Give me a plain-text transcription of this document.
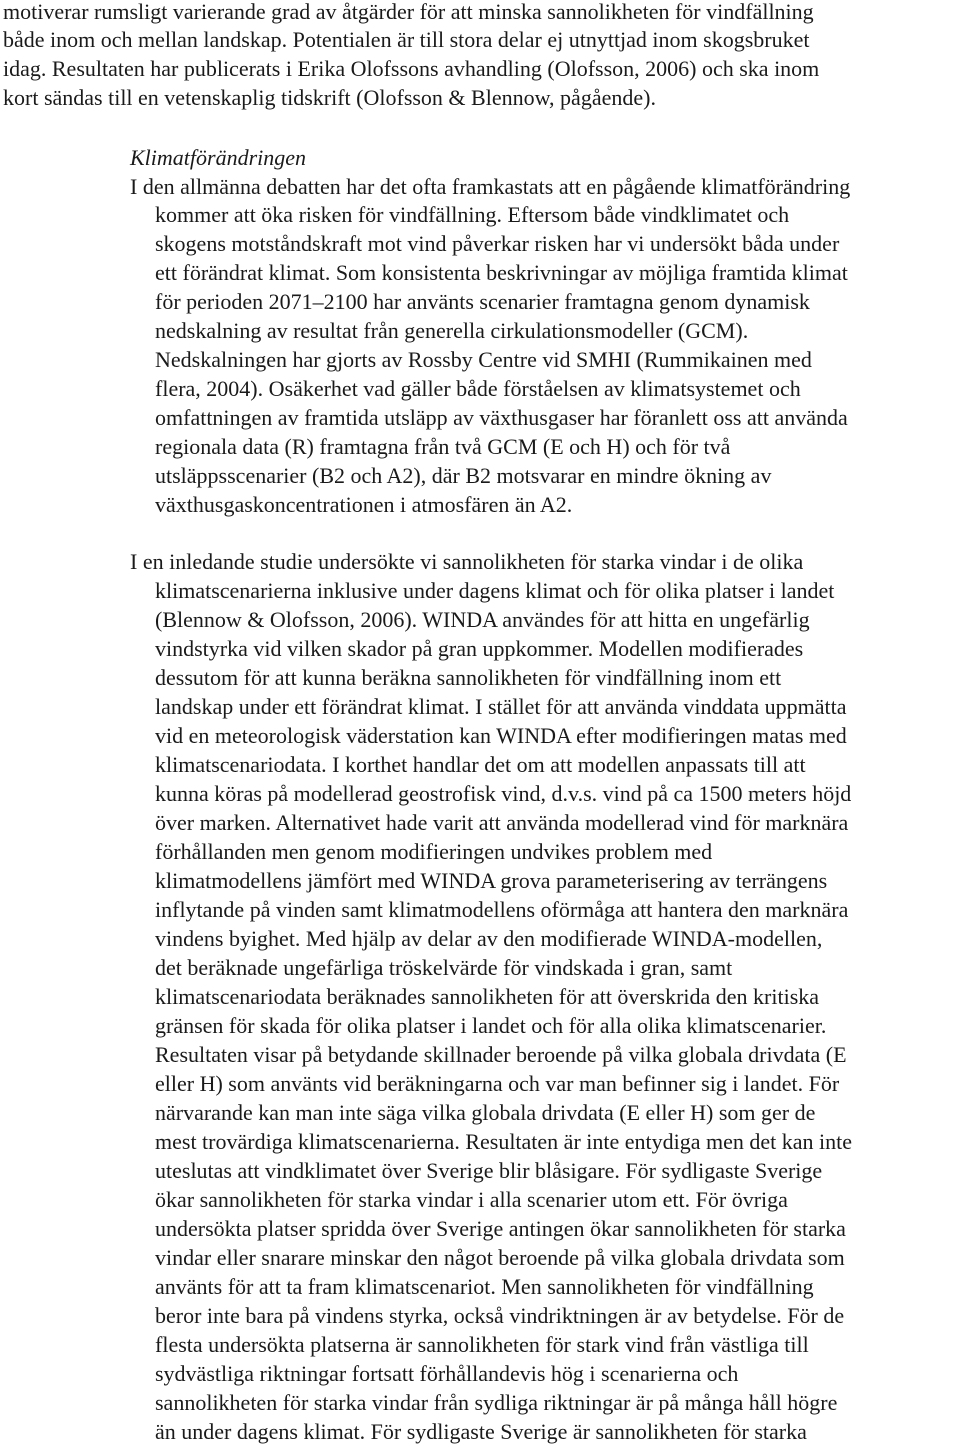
motiverar rumsligt varierande grad av åtgärder för att minska sannolikheten för vindfällning
både inom och mellan landskap. Potentialen är till stora delar ej utnyttjad inom skogsbruket
idag. Resultaten har publicerats i Erika Olofssons avhandling (Olofsson, 2006) och ska inom
kort sändas till en vetenskaplig tidskrift (Olofsson & Blennow, pågående).
Klimatförändringen
I den allmänna debatten har det ofta framkastats att en pågående klimatförändring
kommer att öka risken för vindfällning. Eftersom både vindklimatet och
skogens motståndskraft mot vind påverkar risken har vi undersökt båda under
ett förändrat klimat. Som konsistenta beskrivningar av möjliga framtida klimat
för perioden 2071–2100 har använts scenarier framtagna genom dynamisk
nedskalning av resultat från generella cirkulationsmodeller (GCM).
Nedskalningen har gjorts av Rossby Centre vid SMHI (Rummikainen med
flera, 2004). Osäkerhet vad gäller både förståelsen av klimatsystemet och
omfattningen av framtida utsläpp av växthusgaser har föranlett oss att använda
regionala data (R) framtagna från två GCM (E och H) och för två
utsläppsscenarier (B2 och A2), där B2 motsvarar en mindre ökning av
växthusgaskoncentrationen i atmosfären än A2.
I en inledande studie undersökte vi sannolikheten för starka vindar i de olika
klimatscenarierna inklusive under dagens klimat och för olika platser i landet
(Blennow & Olofsson, 2006). WINDA användes för att hitta en ungefärlig
vindstyrka vid vilken skador på gran uppkommer. Modellen modifierades
dessutom för att kunna beräkna sannolikheten för vindfällning inom ett
landskap under ett förändrat klimat. I stället för att använda vinddata uppmätta
vid en meteorologisk väderstation kan WINDA efter modifieringen matas med
klimatscenariodata. I korthet handlar det om att modellen anpassats till att
kunna köras på modellerad geostrofisk vind, d.v.s. vind på ca 1500 meters höjd
över marken. Alternativet hade varit att använda modellerad vind för marknära
förhållanden men genom modifieringen undvikes problem med
klimatmodellens jämfört med WINDA grova parameterisering av terrängens
inflytande på vinden samt klimatmodellens oförmåga att hantera den marknära
vindens byighet. Med hjälp av delar av den modifierade WINDA-modellen,
det beräknade ungefärliga tröskelvärde för vindskada i gran, samt
klimatscenariodata beräknades sannolikheten för att överskrida den kritiska
gränsen för skada för olika platser i landet och för alla olika klimatscenarier.
Resultaten visar på betydande skillnader beroende på vilka globala drivdata (E
eller H) som använts vid beräkningarna och var man befinner sig i landet. För
närvarande kan man inte säga vilka globala drivdata (E eller H) som ger de
mest trovärdiga klimatscenarierna. Resultaten är inte entydiga men det kan inte
uteslutas att vindklimatet över Sverige blir blåsigare. För sydligaste Sverige
ökar sannolikheten för starka vindar i alla scenarier utom ett. För övriga
undersökta platser spridda över Sverige antingen ökar sannolikheten för starka
vindar eller snarare minskar den något beroende på vilka globala drivdata som
använts för att ta fram klimatscenariot. Men sannolikheten för vindfällning
beror inte bara på vindens styrka, också vindriktningen är av betydelse. För de
flesta undersökta platserna är sannolikheten för stark vind från västliga till
sydvästliga riktningar fortsatt förhållandevis hög i scenarierna och
sannolikheten för starka vindar från sydliga riktningar är på många håll högre
än under dagens klimat. För sydligaste Sverige är sannolikheten för starka
